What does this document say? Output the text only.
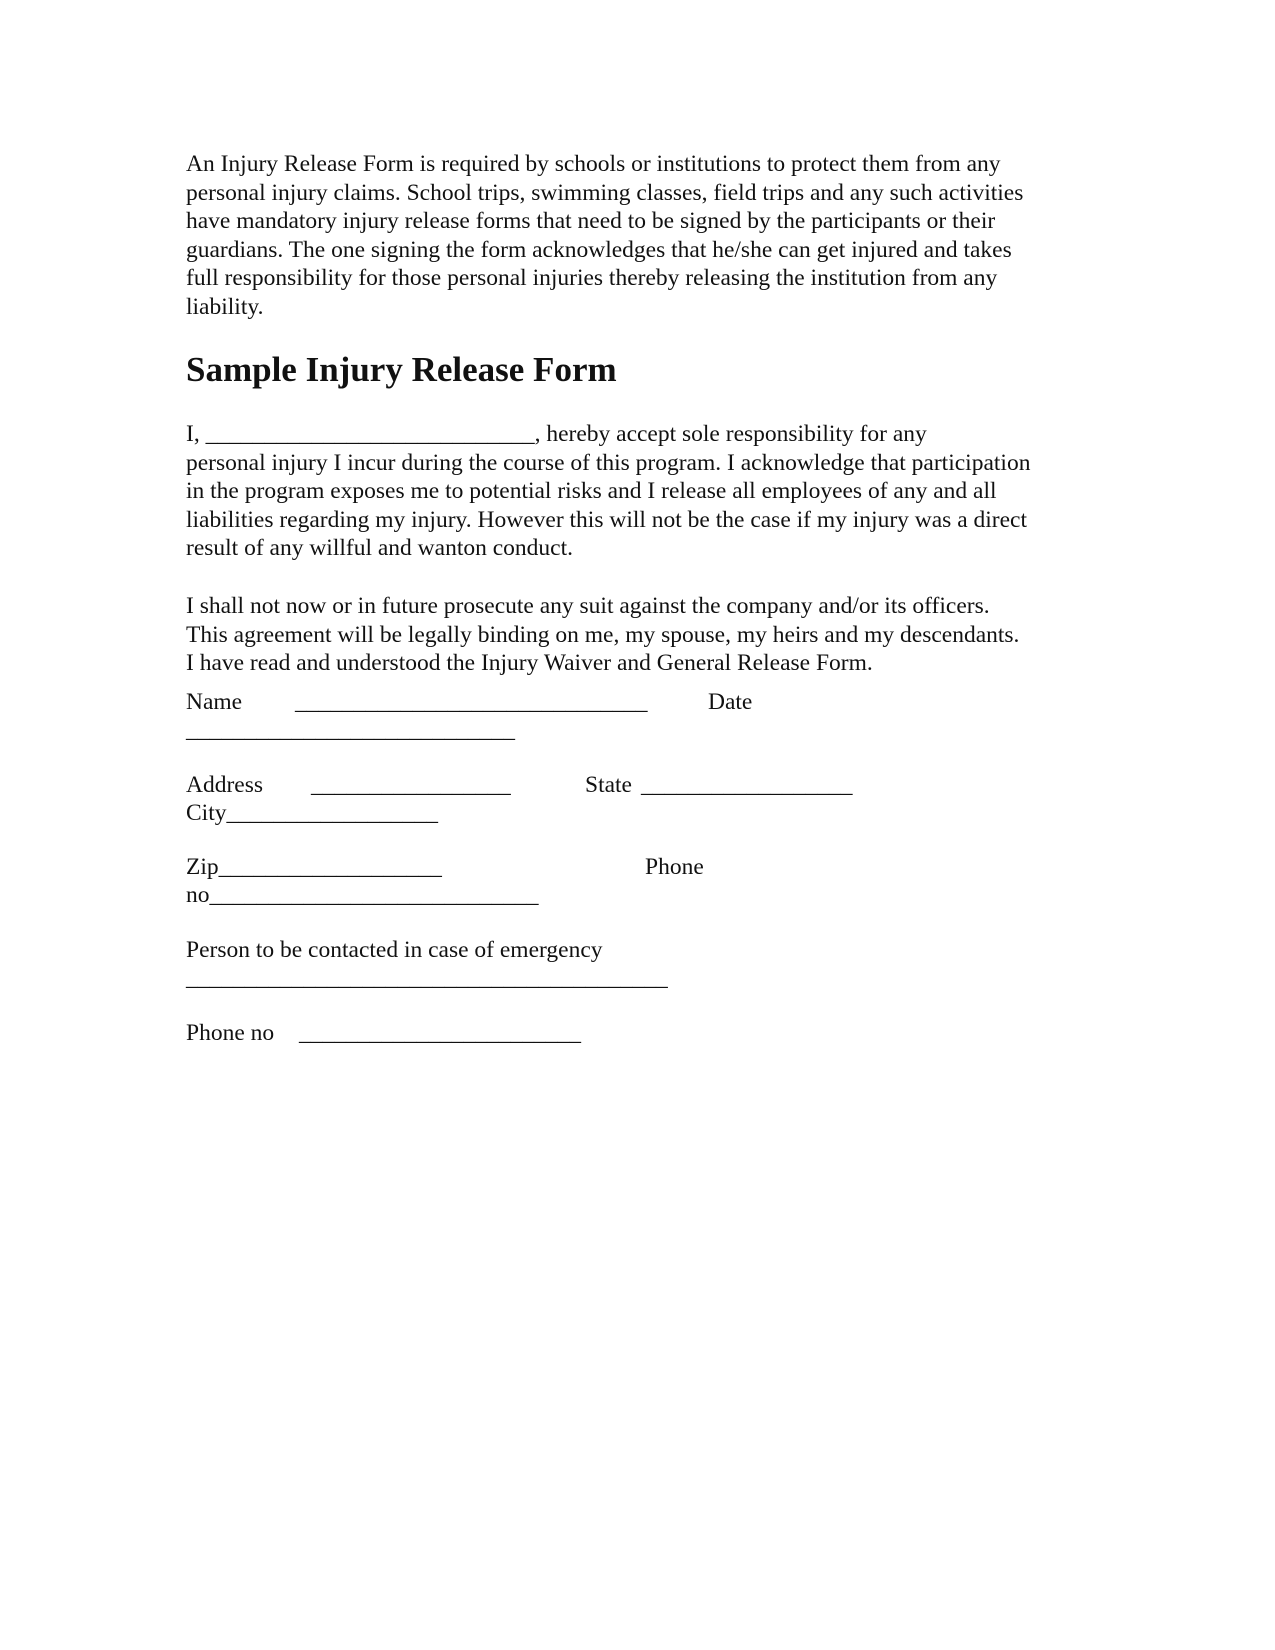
An Injury Release Form is required by schools or institutions to protect them from any
personal injury claims. School trips, swimming classes, field trips and any such activities
have mandatory injury release forms that need to be signed by the participants or their
guardians. The one signing the form acknowledges that he/she can get injured and takes
full responsibility for those personal injuries thereby releasing the institution from any
liability.

Sample Injury Release Form

I, ____________________________, hereby accept sole responsibility for any
personal injury I incur during the course of this program. I acknowledge that participation
in the program exposes me to potential risks and I release all employees of any and all
liabilities regarding my injury. However this will not be the case if my injury was a direct
result of any willful and wanton conduct.

I shall not now or in future prosecute any suit against the company and/or its officers.
This agreement will be legally binding on me, my spouse, my heirs and my descendants.
I have read and understood the Injury Waiver and General Release Form.

Name ______________________________	Date
____________________________
Address _________________	State __________________
City__________________
Zip___________________	Phone
no____________________________
Person to be contacted in case of emergency
_________________________________________
Phone no ________________________
